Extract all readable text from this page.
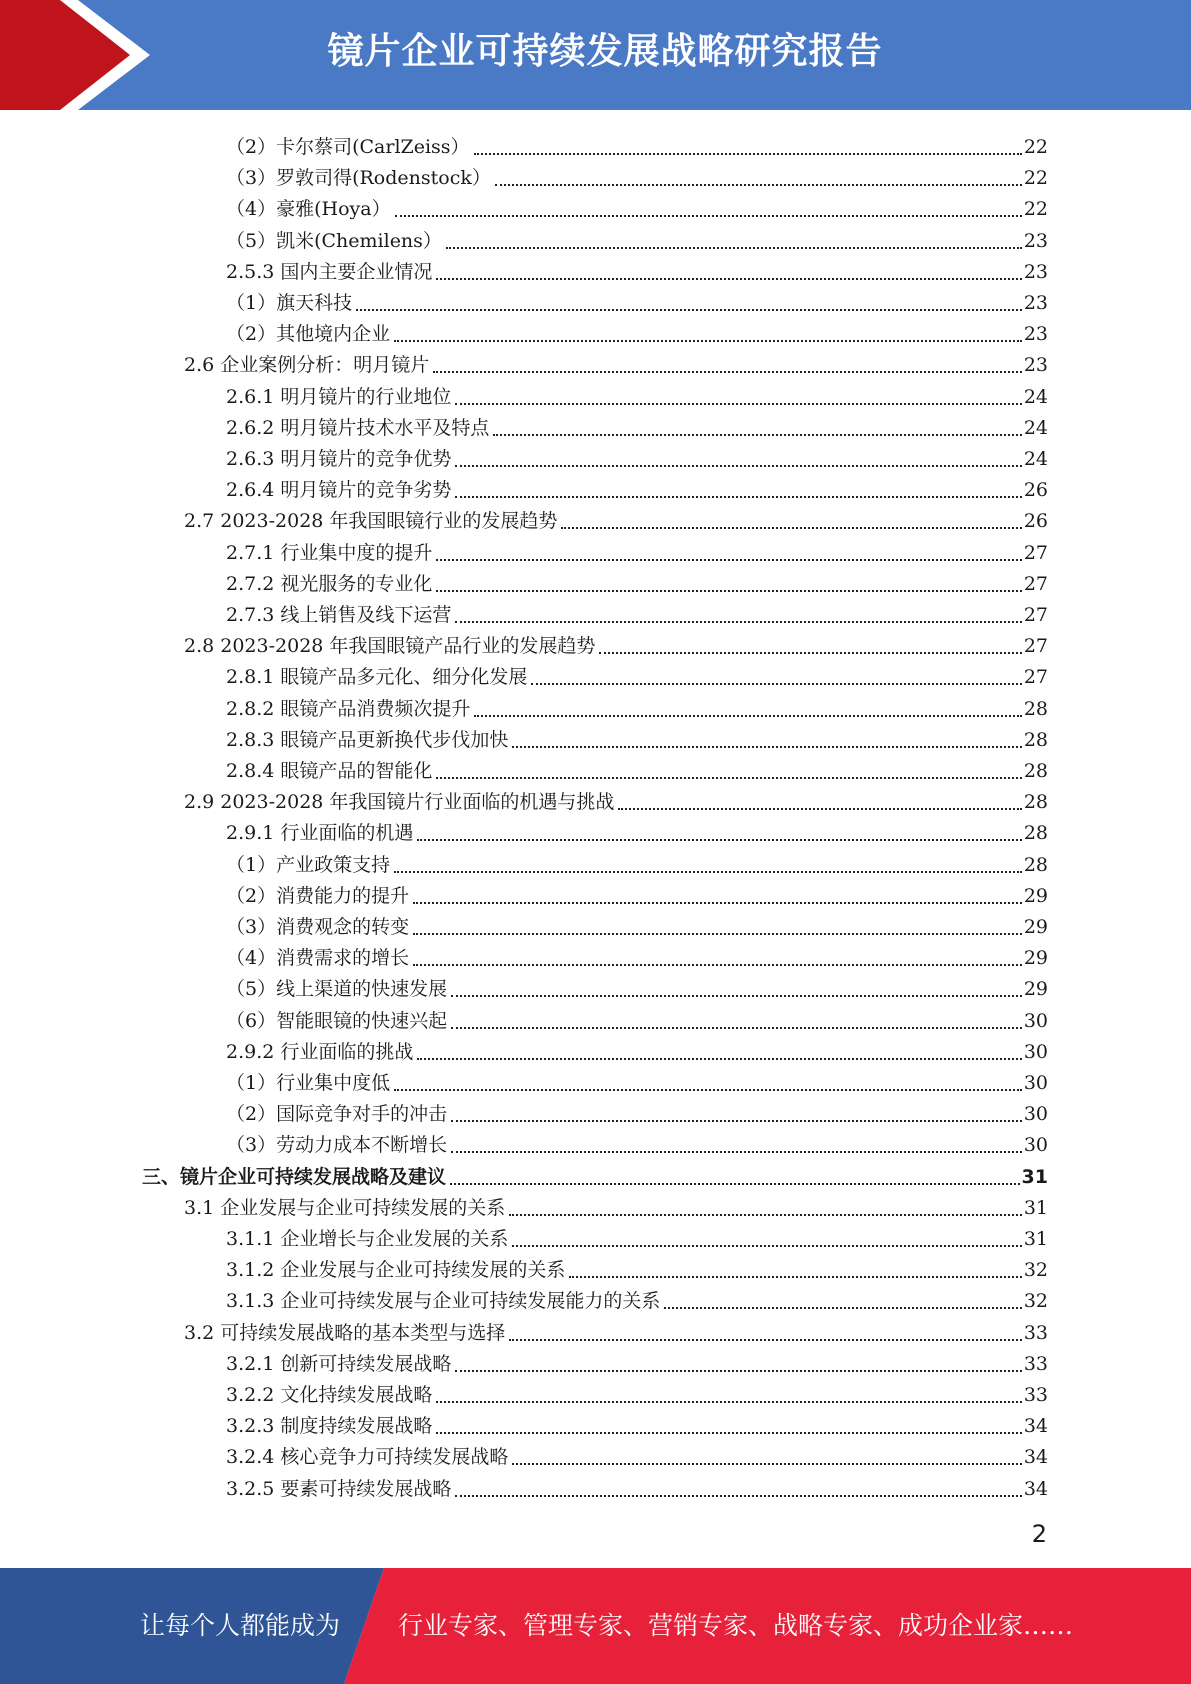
镜片企业可持续发展战略研究报告
（2）卡尔蔡司(CarlZeiss）	22
（3）罗敦司得(Rodenstock）	22
（4）豪雅(Hoya）	22
（5）凯米(Chemilens）	23
2.5.3 国内主要企业情况	23
（1）旗天科技	23
（2）其他境内企业	23
2.6 企业案例分析：明月镜片	23
2.6.1 明月镜片的行业地位	24
2.6.2 明月镜片技术水平及特点	24
2.6.3 明月镜片的竞争优势	24
2.6.4 明月镜片的竞争劣势	26
2.7 2023-2028 年我国眼镜行业的发展趋势	26
2.7.1 行业集中度的提升	27
2.7.2 视光服务的专业化	27
2.7.3 线上销售及线下运营	27
2.8 2023-2028 年我国眼镜产品行业的发展趋势	27
2.8.1 眼镜产品多元化、细分化发展	27
2.8.2 眼镜产品消费频次提升	28
2.8.3 眼镜产品更新换代步伐加快	28
2.8.4 眼镜产品的智能化	28
2.9 2023-2028 年我国镜片行业面临的机遇与挑战	28
2.9.1 行业面临的机遇	28
（1）产业政策支持	28
（2）消费能力的提升	29
（3）消费观念的转变	29
（4）消费需求的增长	29
（5）线上渠道的快速发展	29
（6）智能眼镜的快速兴起	30
2.9.2 行业面临的挑战	30
（1）行业集中度低	30
（2）国际竞争对手的冲击	30
（3）劳动力成本不断增长	30
三、镜片企业可持续发展战略及建议	31
3.1 企业发展与企业可持续发展的关系	31
3.1.1 企业增长与企业发展的关系	31
3.1.2 企业发展与企业可持续发展的关系	32
3.1.3 企业可持续发展与企业可持续发展能力的关系	32
3.2 可持续发展战略的基本类型与选择	33
3.2.1 创新可持续发展战略	33
3.2.2 文化持续发展战略	33
3.2.3 制度持续发展战略	34
3.2.4 核心竞争力可持续发展战略	34
3.2.5 要素可持续发展战略	34
2
让每个人都能成为 行业专家、管理专家、营销专家、战略专家、成功企业家……
